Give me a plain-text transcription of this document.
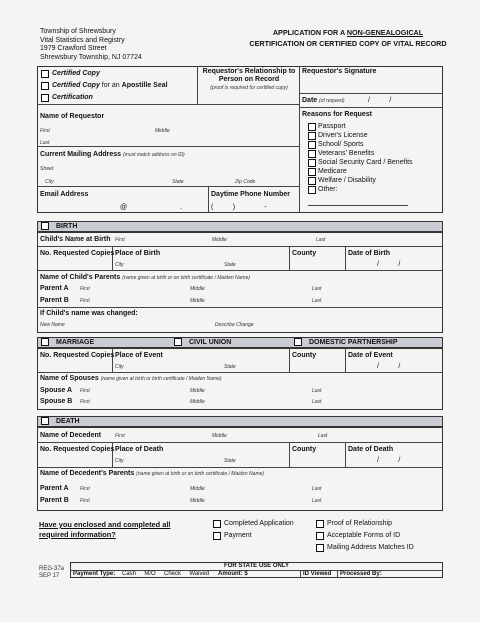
Township of Shrewsbury
Vital Statistics and Registry
1979 Crawford Street
Shrewsbury Township, NJ 07724
APPLICATION FOR A NON-GENEALOGICAL
CERTIFICATION OR CERTIFIED COPY OF VITAL RECORD
Certified Copy
Certified Copy for an Apostille Seal
Certification
Requestor's Relationship to Person on Record
(proof is required for certified copy)
Requestor's Signature
Date (of request)	/          /
Name of Requestor
First	Middle
Last
Current Mailing Address (must match address on ID)
Street
City	State	Zip Code
Email Address
@	.
Daytime Phone Number
(          )               -
Reasons for Request
Passport
Driver's License
School/ Sports
Veterans' Benefits
Social Security Card / Benefits
Medicare
Welfare / Disability
Other:
BIRTH
Child's Name at Birth First	Middle	Last
No. Requested Copies Place of Birth
City	State
County	Date of Birth
/          /
Name of Child's Parents (name given at birth or on birth certificate / Maiden Name)
Parent A First	Middle	Last
Parent B First	Middle	Last
If Child's name was changed:
New Name	Describe Change
MARRIAGE	CIVIL UNION	DOMESTIC PARTNERSHIP
No. Requested Copies Place of Event
City	State
County	Date of Event
/          /
Name of Spouses (name given at birth or birth certificate / Maiden Name)
Spouse A First	Middle	Last
Spouse B First	Middle	Last
DEATH
Name of Decedent	First	Middle	Last
No. Requested Copies Place of Death
City	State
County	Date of Death
/          /
Name of Decedent's Parents (name given at birth or on birth certificate / Maiden Name)
Parent A First	Middle	Last
Parent B First	Middle	Last
Have you enclosed and completed all
required information?
Completed Application
Payment
Proof of Relationship
Acceptable Forms of ID
Mailing Address Matches ID
REG-37a
SEP 17
FOR STATE USE ONLY
Payment Type: Cash     M/O     Check     Waived Amount: $	ID Viewed Processed By:
